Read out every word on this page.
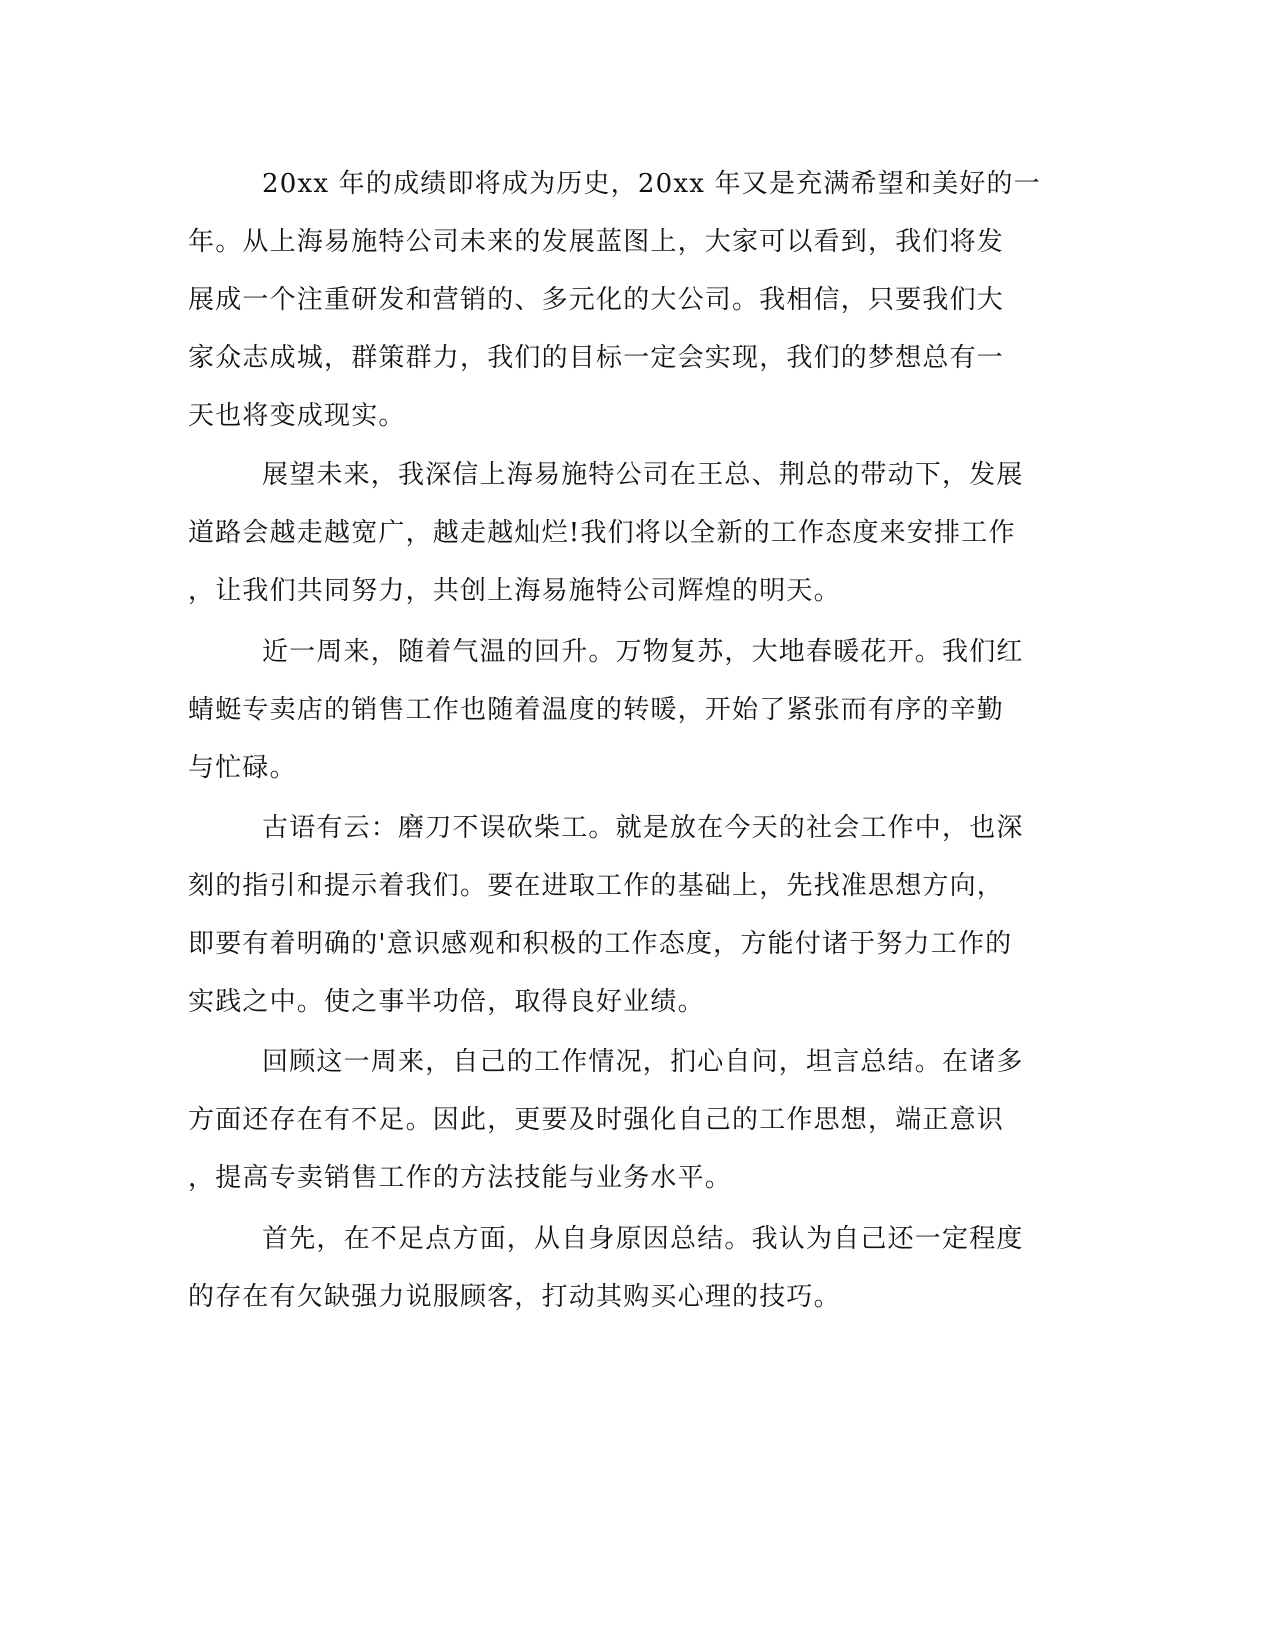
20xx 年的成绩即将成为历史，20xx 年又是充满希望和美好的一

年。从上海易施特公司未来的发展蓝图上，大家可以看到，我们将发

展成一个注重研发和营销的、多元化的大公司。我相信，只要我们大

家众志成城，群策群力，我们的目标一定会实现，我们的梦想总有一

天也将变成现实。

展望未来，我深信上海易施特公司在王总、荆总的带动下，发展

道路会越走越宽广，越走越灿烂!我们将以全新的工作态度来安排工作

，让我们共同努力，共创上海易施特公司辉煌的明天。

近一周来，随着气温的回升。万物复苏，大地春暖花开。我们红

蜻蜓专卖店的销售工作也随着温度的转暖，开始了紧张而有序的辛勤

与忙碌。

古语有云：磨刀不误砍柴工。就是放在今天的社会工作中，也深

刻的指引和提示着我们。要在进取工作的基础上，先找准思想方向，

即要有着明确的'意识感观和积极的工作态度，方能付诸于努力工作的

实践之中。使之事半功倍，取得良好业绩。

回顾这一周来，自己的工作情况，扪心自问，坦言总结。在诸多

方面还存在有不足。因此，更要及时强化自己的工作思想，端正意识

，提高专卖销售工作的方法技能与业务水平。

首先，在不足点方面，从自身原因总结。我认为自己还一定程度

的存在有欠缺强力说服顾客，打动其购买心理的技巧。
